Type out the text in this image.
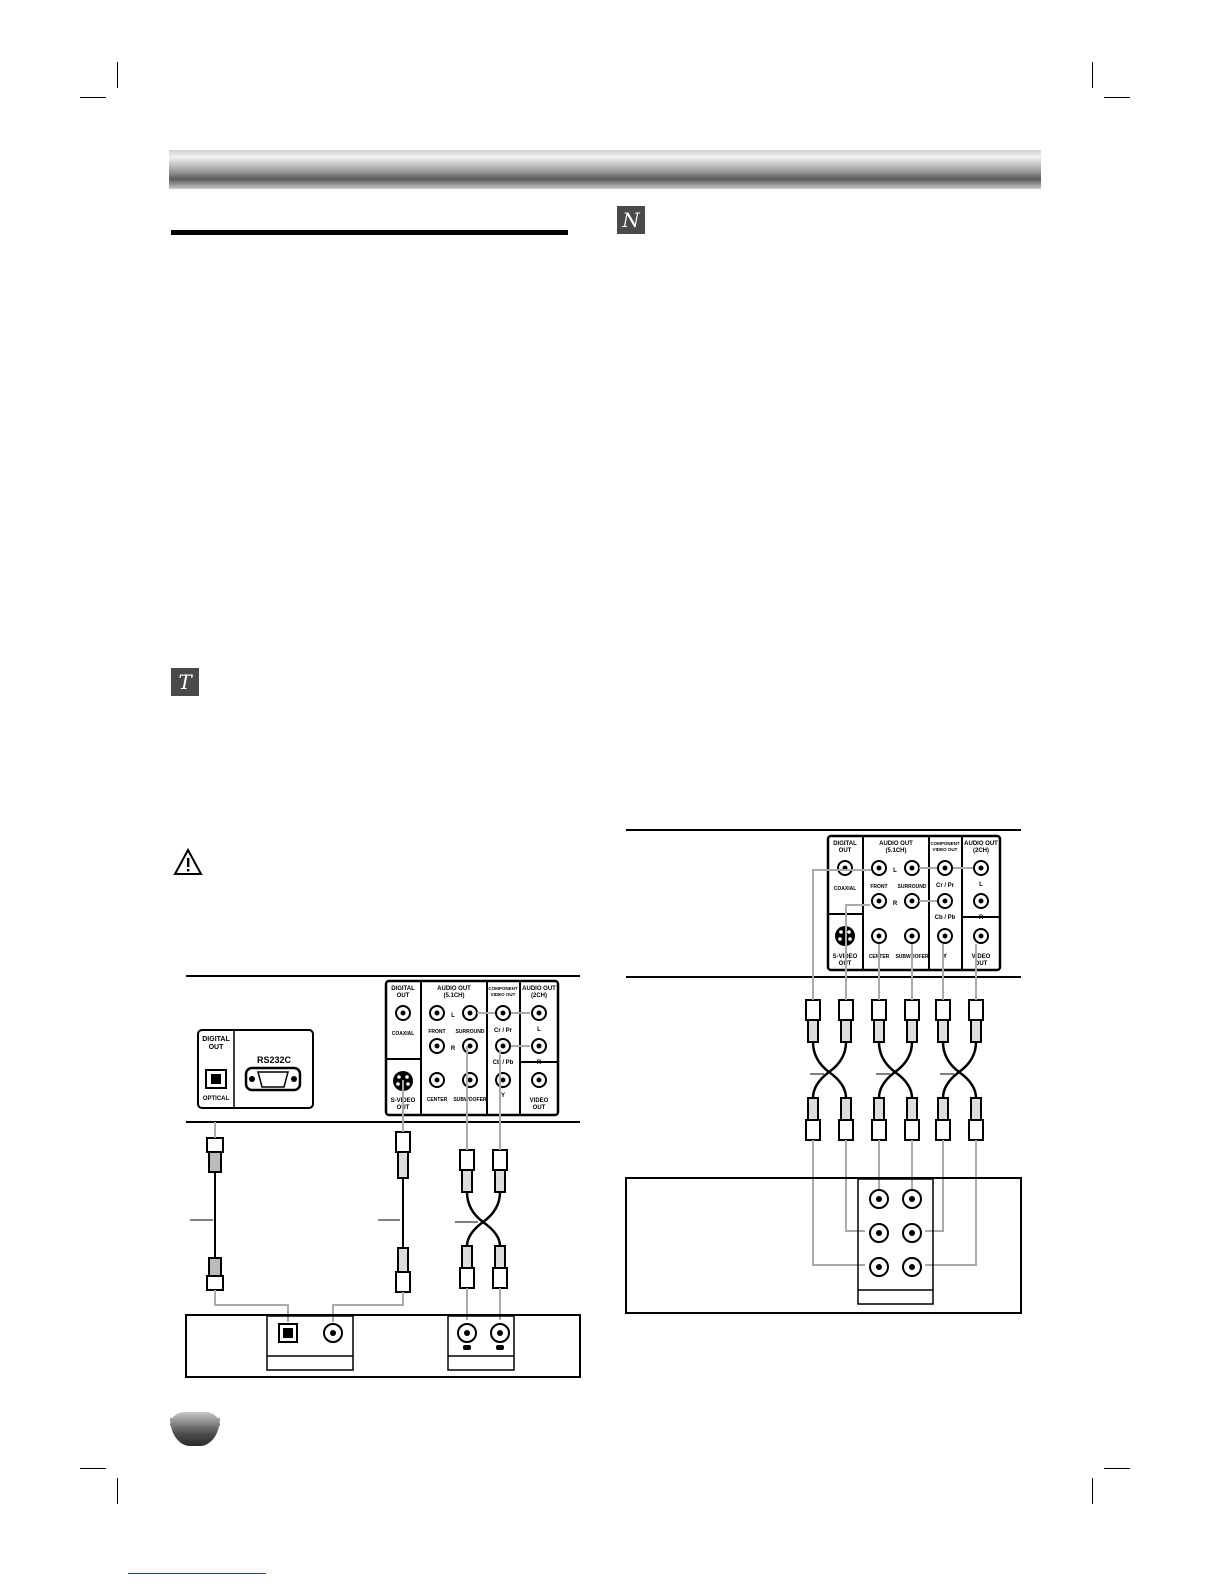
N
T
DIGITAL
OUT
OPTICAL
RS232C
DIGITAL
OUT
AUDIO OUT
(5.1CH)
COMPONENT
VIDEO OUT
AUDIO OUT
(2CH)
COAXIAL	FRONT SURROUND
L
R
Cr / Pr
Cb / Pb
Y
L
R
CENTER SUBWOOFER
S-VIDEO
OUT
VIDEO
OUT
DIGITAL
OUT
AUDIO OUT
(5.1CH)
COMPONENT
VIDEO OUT
AUDIO OUT
(2CH)
COAXIAL	FRONT SURROUND
L
R
Cr / Pr
Cb / Pb
Y
L
R
CENTER SUBWOOFER
S-VIDEO
OUT
VIDEO
OUT
